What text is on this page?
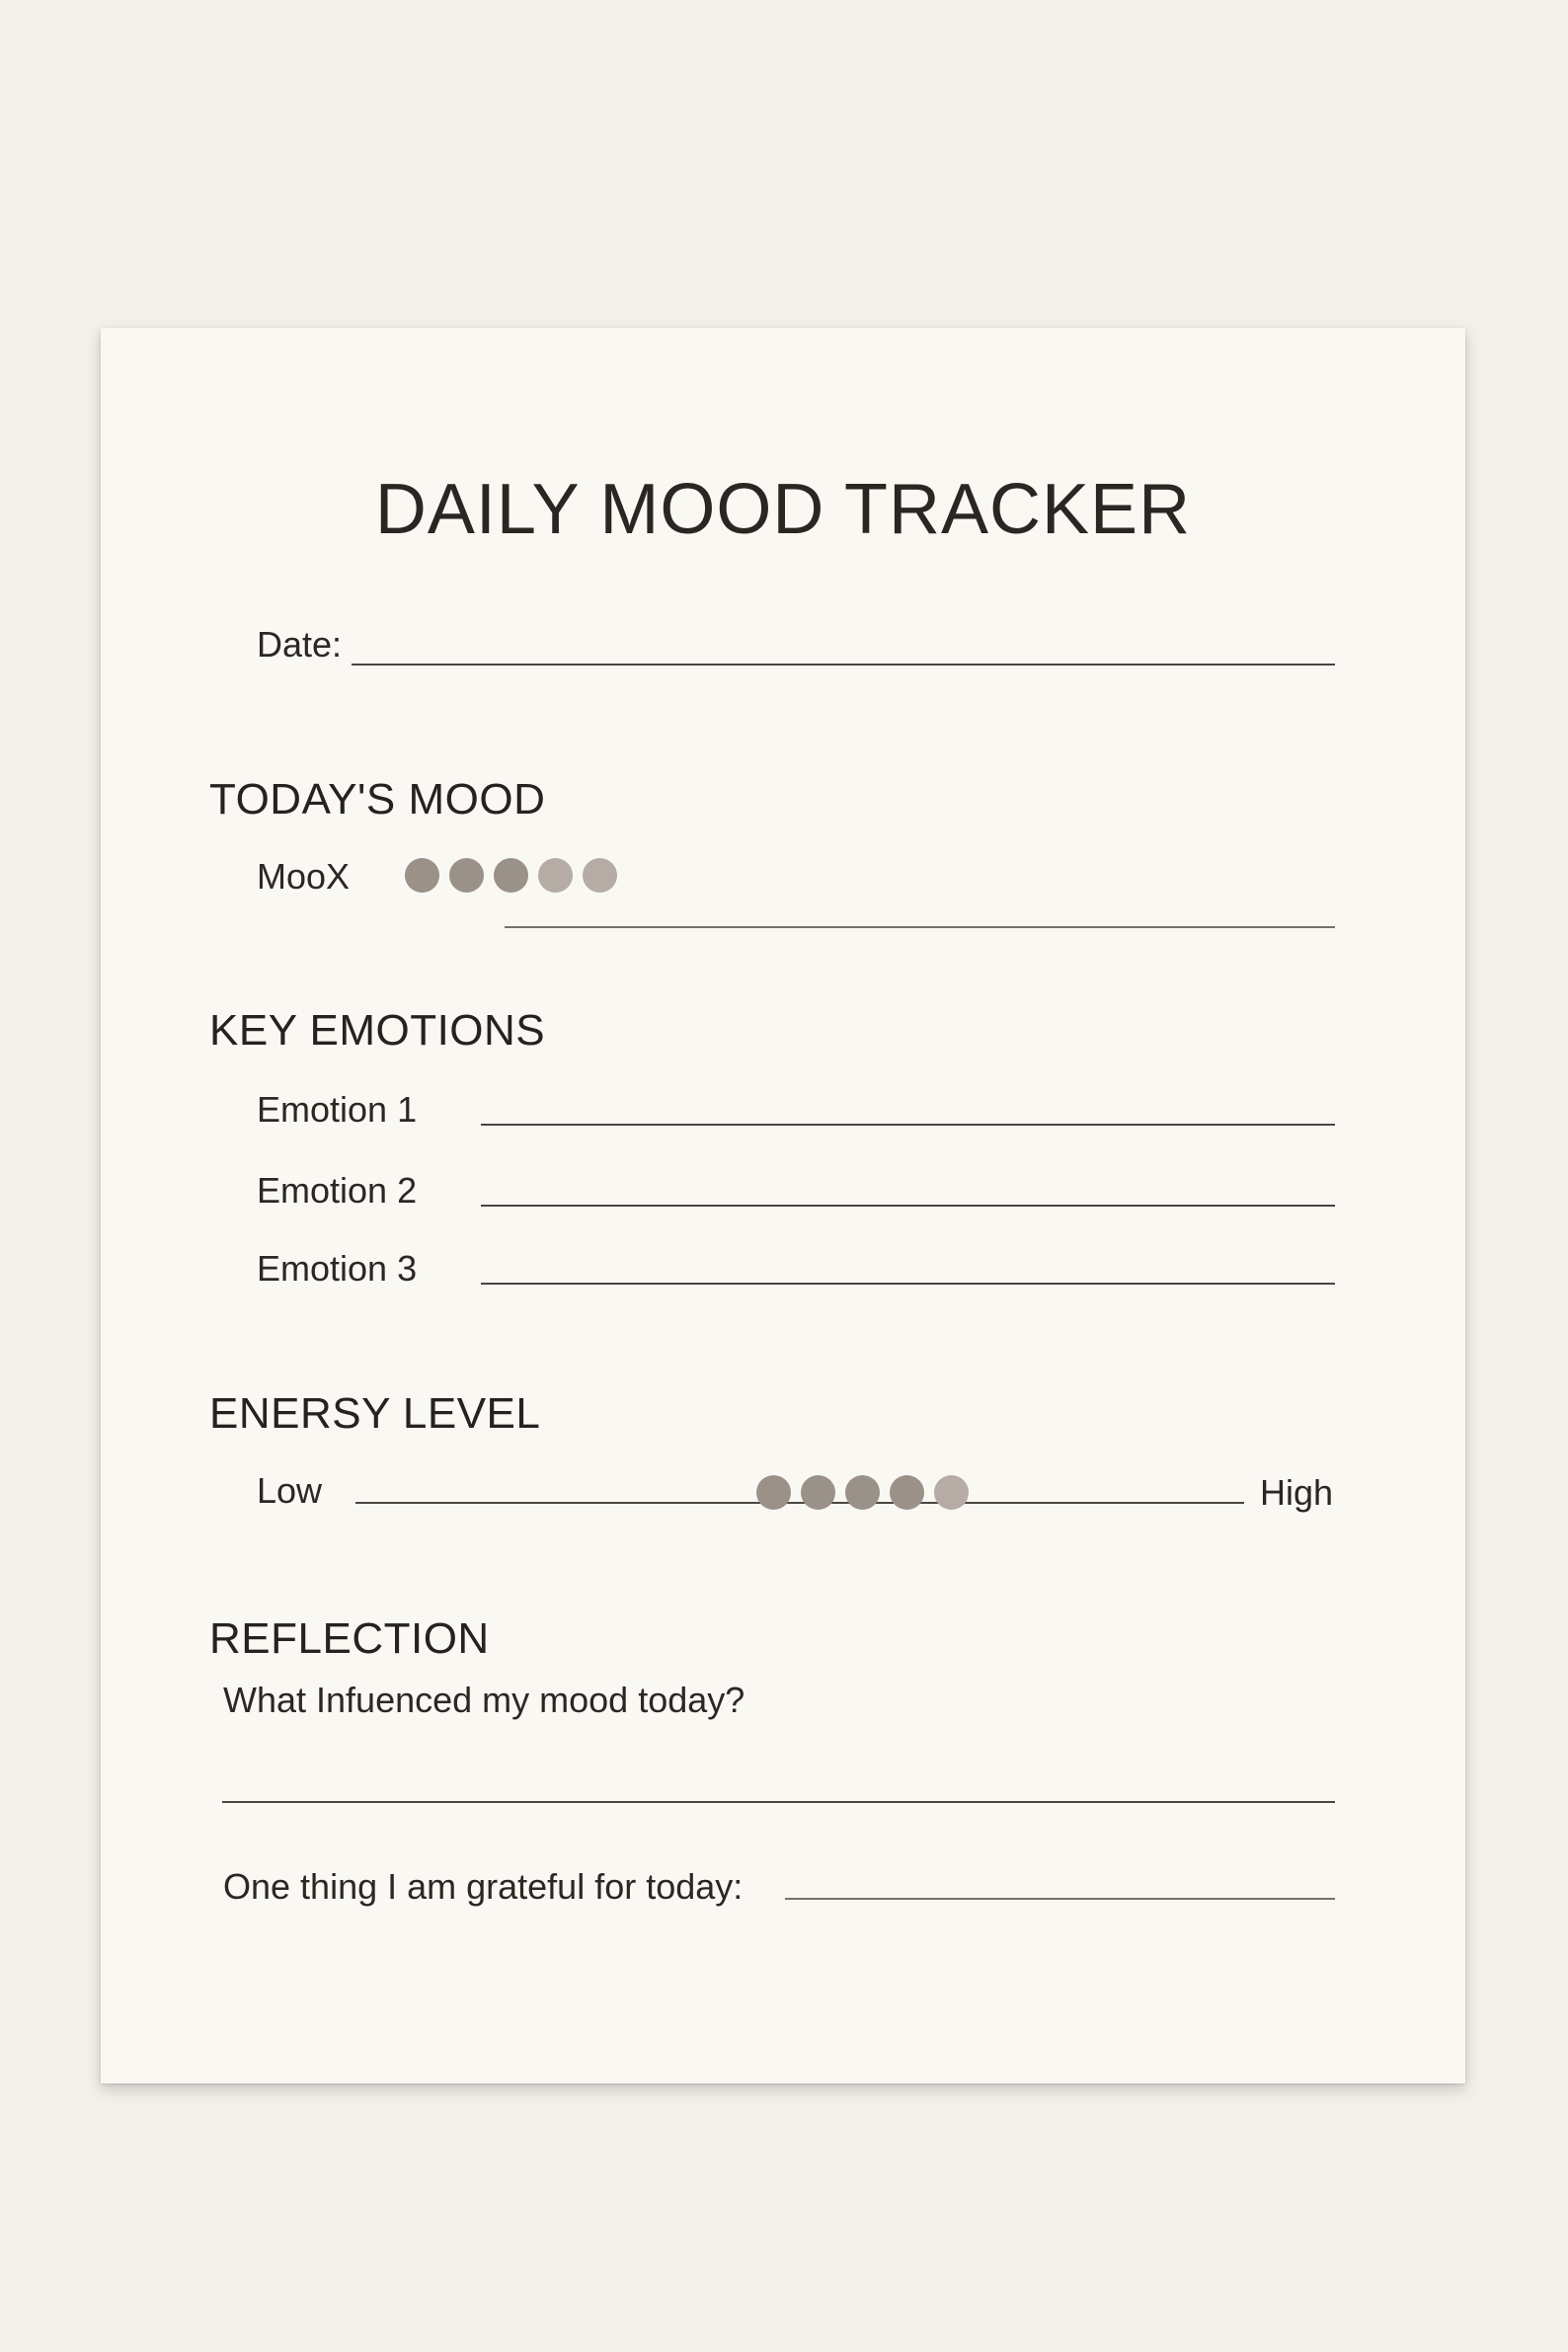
DAILY MOOD TRACKER
Date:
TODAY'S MOOD
MooX
KEY EMOTIONS
Emotion 1
Emotion 2
Emotion 3
ENERSY LEVEL
Low	High
REFLECTION
What Infuenced my mood today?
One thing I am grateful for today:
